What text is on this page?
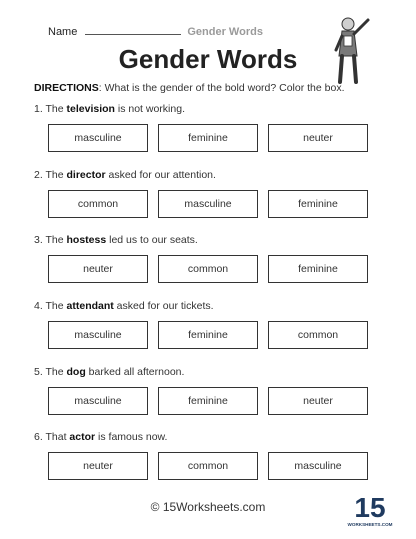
Name	Gender Words
Gender Words
DIRECTIONS: What is the gender of the bold word? Color the box.
1. The television is not working.
masculine	feminine	neuter
2. The director asked for our attention.
common	masculine	feminine
3. The hostess led us to our seats.
neuter	common	feminine
4. The attendant asked for our tickets.
masculine	feminine	common
5. The dog barked all afternoon.
masculine	feminine	neuter
6. That actor is famous now.
neuter	common	masculine
© 15Worksheets.com	15
WORKSHEETS.COM
